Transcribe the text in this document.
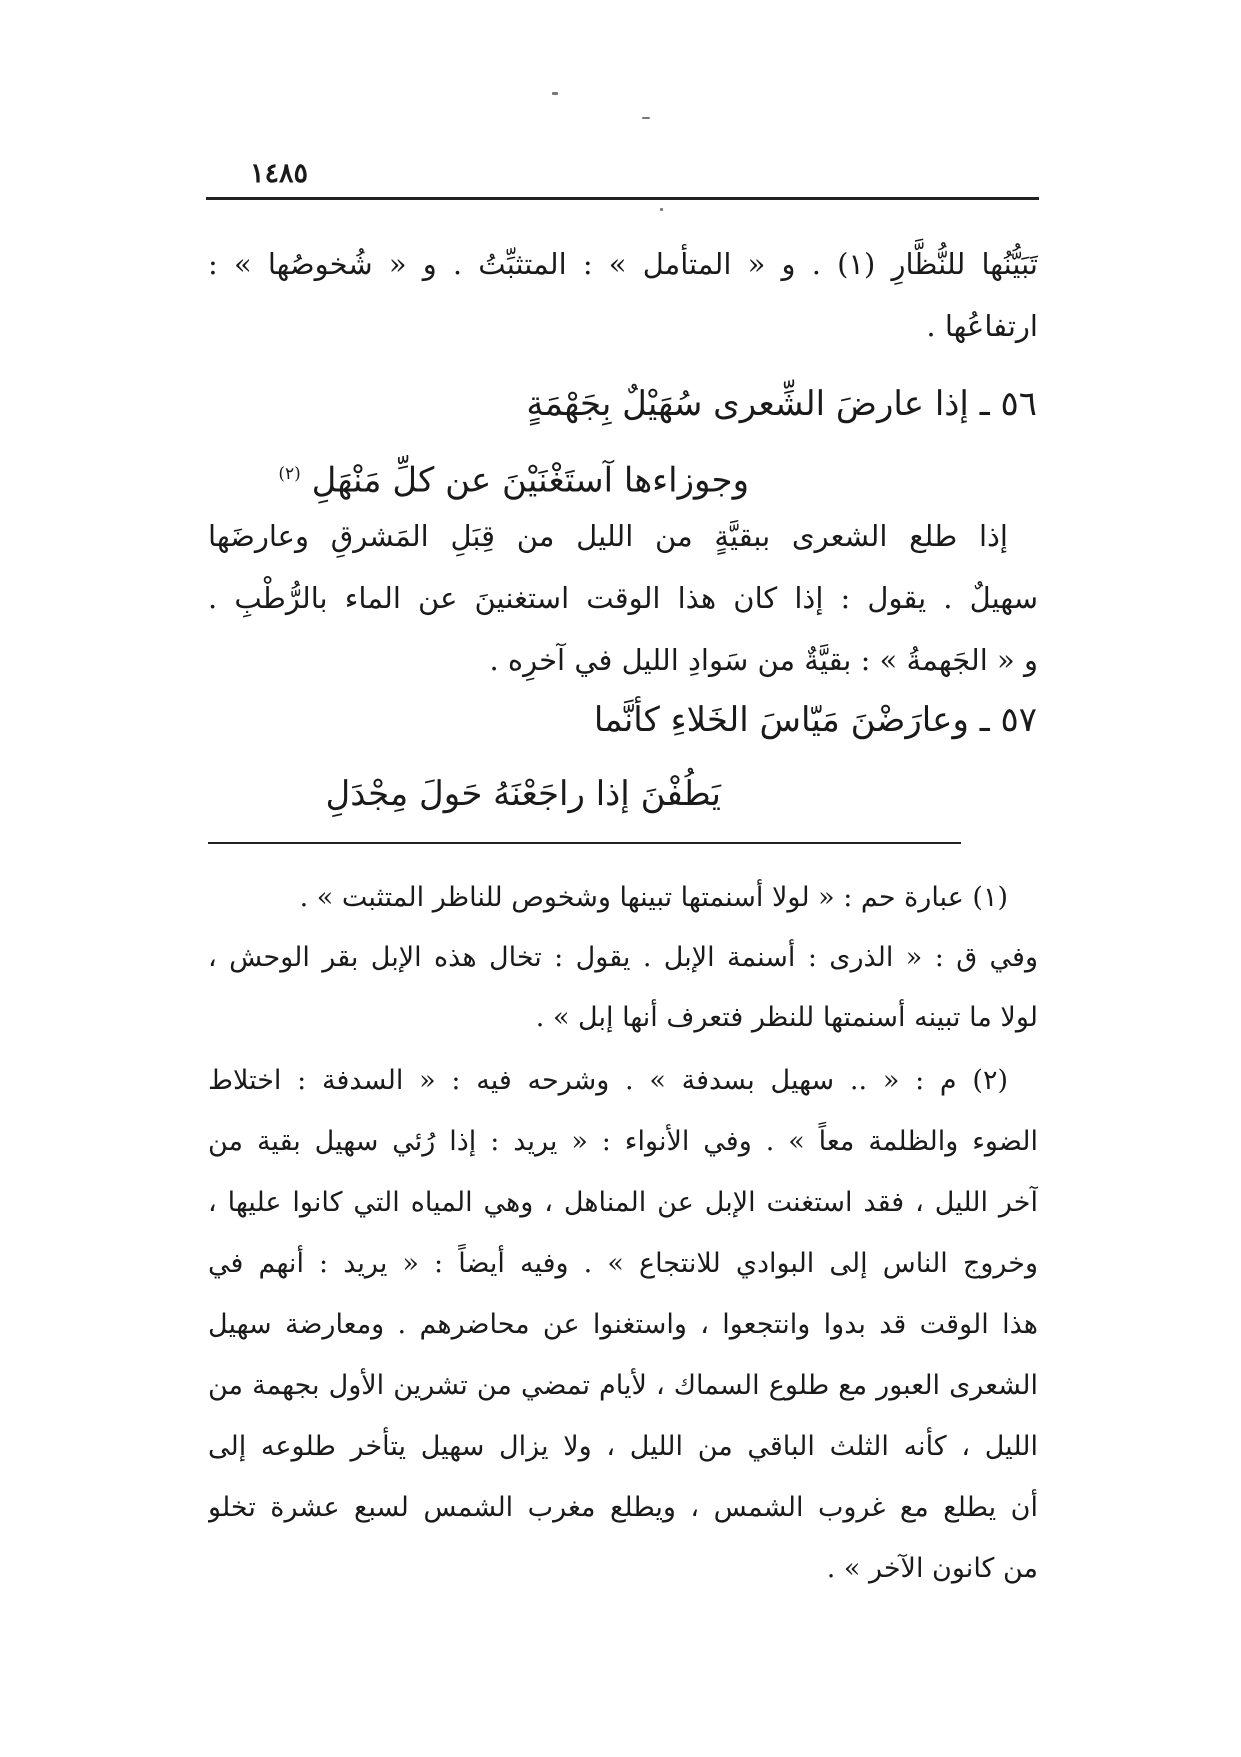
١٤٨٥
تَبَيُّنُها للنُّظَّارِ (١) . و « المتأمل » : المتثبِّتُ . و « شُخوصُها » :
ارتفاعُها .
٥٦ ـ إذا عارضَ الشِّعرى سُهَيْلٌ بِجَهْمَةٍ
وجوزاءها آستَغْنَيْنَ عن كلِّ مَنْهَلِ $^{(٢)}$
إذا طلع الشعرى ببقيَّةٍ من الليل من قِبَلِ المَشرقِ وعارضَها
سهيلٌ . يقول : إذا كان هذا الوقت استغنينَ عن الماء بالرُّطْبِ .
و « الجَهمةُ » : بقيَّةٌ من سَوادِ الليل في آخرِه .
٥٧ ـ وعارَضْنَ مَيّاسَ الخَلاءِ كأنَّما
يَطُفْنَ إذا راجَعْنَهُ حَولَ مِجْدَلِ
(١) عبارة حم : « لولا أسنمتها تبينها وشخوص للناظر المتثبت » .
وفي ق : « الذرى : أسنمة الإبل . يقول : تخال هذه الإبل بقر الوحش ،
لولا ما تبينه أسنمتها للنظر فتعرف أنها إبل » .
(٢) م : « .. سهيل بسدفة » . وشرحه فيه : « السدفة : اختلاط
الضوء والظلمة معاً » . وفي الأنواء : « يريد : إذا رُئي سهيل بقية من
آخر الليل ، فقد استغنت الإبل عن المناهل ، وهي المياه التي كانوا عليها ،
وخروج الناس إلى البوادي للانتجاع » . وفيه أيضاً : « يريد : أنهم في
هذا الوقت قد بدوا وانتجعوا ، واستغنوا عن محاضرهم . ومعارضة سهيل
الشعرى العبور مع طلوع السماك ، لأيام تمضي من تشرين الأول بجهمة من
الليل ، كأنه الثلث الباقي من الليل ، ولا يزال سهيل يتأخر طلوعه إلى
أن يطلع مع غروب الشمس ، ويطلع مغرب الشمس لسبع عشرة تخلو
من كانون الآخر » .
